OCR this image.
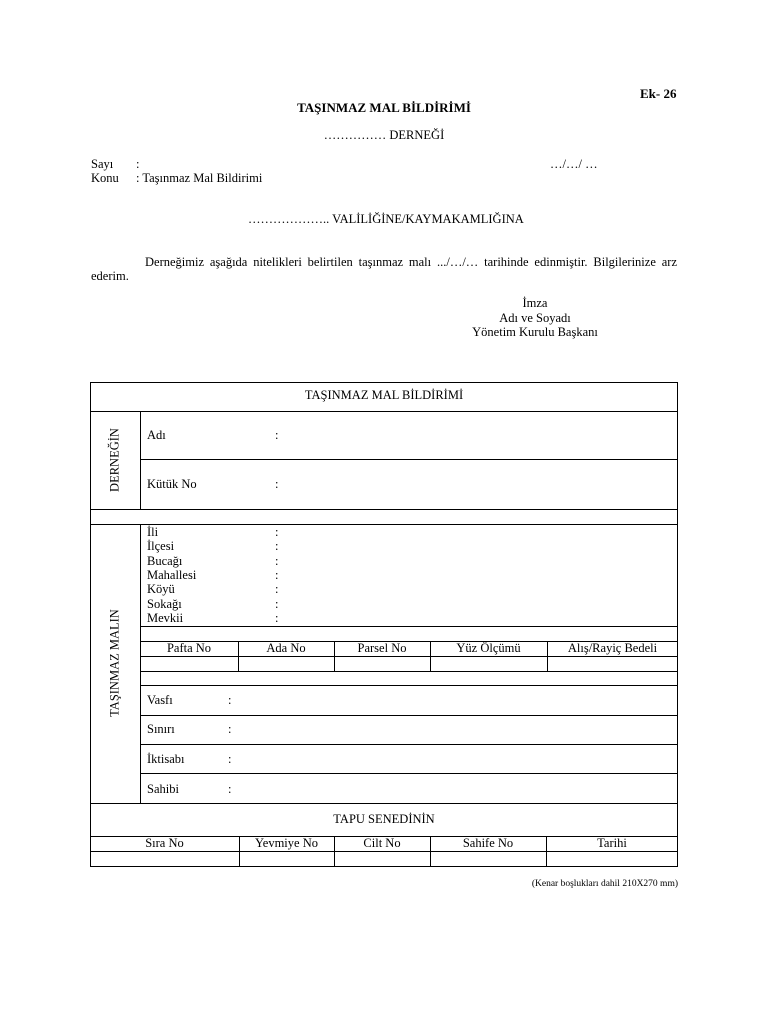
Ek- 26
TAŞINMAZ MAL BİLDİRİMİ
…………… DERNEĞİ
Sayı :	…/…/ …
Konu : Taşınmaz Mal Bildirimi
……………….. VALİLİĞİNE/KAYMAKAMLIĞINA
Derneğimiz aşağıda nitelikleri belirtilen taşınmaz malı .../…/… tarihinde edinmiştir. Bilgilerinize arz
ederim.
İmza
Adı ve Soyadı
Yönetim Kurulu Başkanı
TAŞINMAZ MAL BİLDİRİMİ
DERNEĞİN Adı	:
Kütük No	:
TAŞINMAZ MALIN
İli	:
İlçesi	:
Bucağı	:
Mahallesi	:
Köyü	:
Sokağı	:
Mevkii	:
Pafta No	Ada No	Parsel No	Yüz Ölçümü	Alış/Rayiç Bedeli
Vasfı	:
Sınırı	:
İktisabı	:
Sahibi	:
TAPU SENEDİNİN
Sıra No	Yevmiye No	Cilt No	Sahife No	Tarihi
(Kenar boşlukları dahil 210X270 mm)
